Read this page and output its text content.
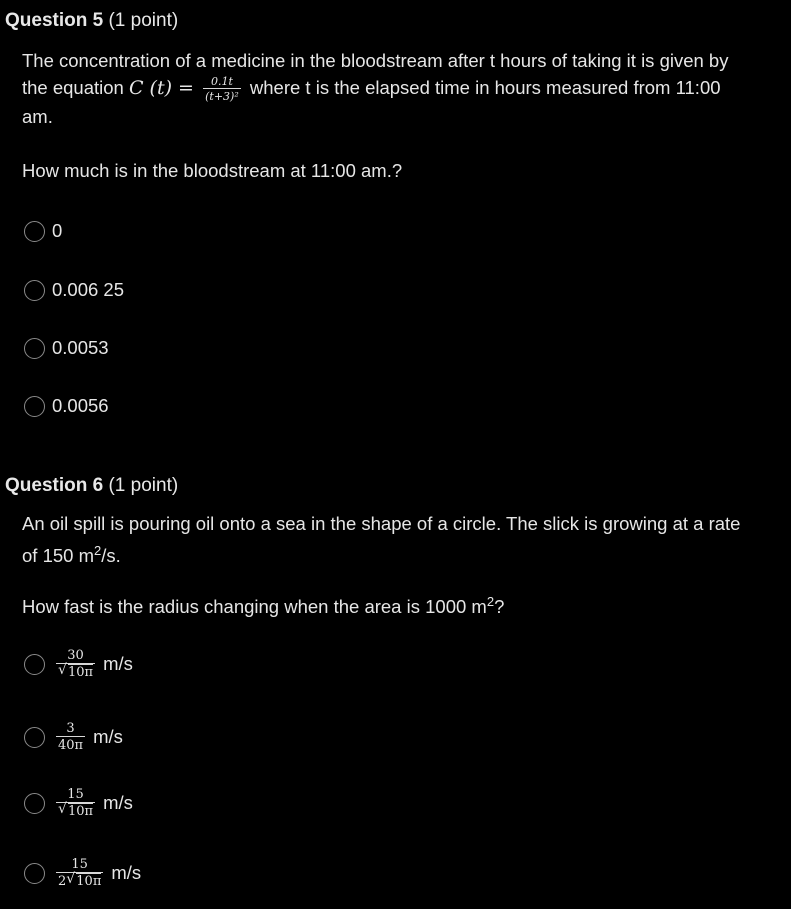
Question 5 (1 point)
The concentration of a medicine in the bloodstream after t hours of taking it is given by the equation C $(t) = \frac{0.1t}{\text{(t+3)²}}$ where t is the elapsed time in hours measured from 11:00 am.
How much is in the bloodstream at 11:00 am.?
0
0.006 25
0.0053
0.0056
Question 6 (1 point)
An oil spill is pouring oil onto a sea in the shape of a circle. The slick is growing at a rate of 150 $m^2/s$.
How fast is the radius changing when the area is 1000 $m^2$?
30
√ 10π m/s
$\frac{3}{40\pi} m/s$
15
√ 10π m/s
$\frac{15}{2√ 10\pi} m/s$
